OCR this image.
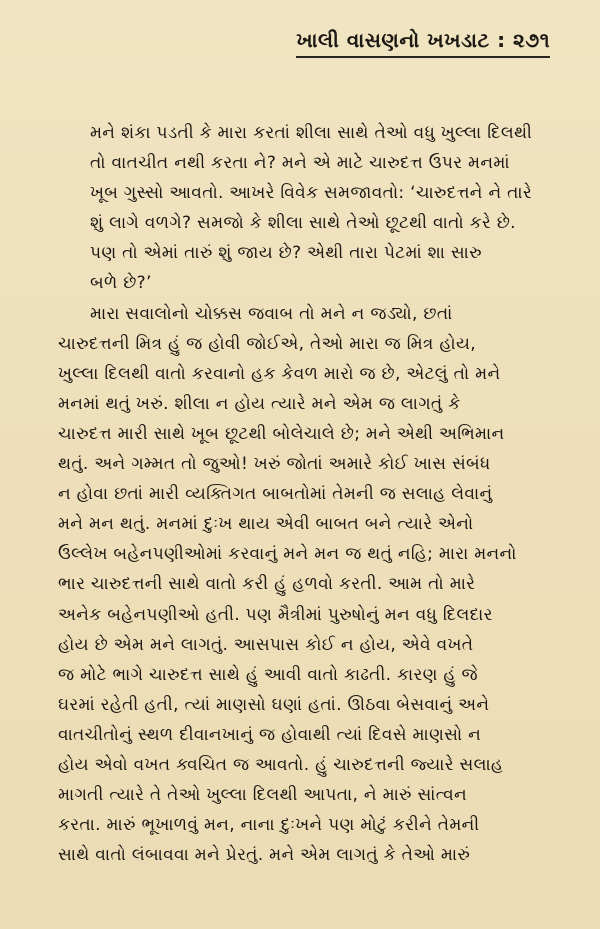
ખાલી વાસણનો ખખડાટ : ૨૭૧

મને શંકા પડતી કે મારા કરતાં શીલા સાથે તેઓ વધુ ખુલ્લા દિલથી
તો વાતચીત નથી કરતા ને? મને એ માટે ચારુદત્ત ઉપર મનમાં
ખૂબ ગુસ્સો આવતો. આખરે વિવેક સમજાવતો: ‘ચારુદત્તને ને તારે
શું લાગે વળગે? સમજો કે શીલા સાથે તેઓ છૂટથી વાતો કરે છે.
પણ તો એમાં તારું શું જાય છે? એથી તારા પેટમાં શા સારુ
બળે છે?’

મારા સવાલોનો ચોક્કસ જવાબ તો મને ન જડ્યો, છતાં
ચારુદત્તની મિત્ર હું જ હોવી જોઈએ, તેઓ મારા જ મિત્ર હોય,
ખુલ્લા દિલથી વાતો કરવાનો હક કેવળ મારો જ છે, એટલું તો મને
મનમાં થતું ખરું. શીલા ન હોય ત્યારે મને એમ જ લાગતું કે
ચારુદત્ત મારી સાથે ખૂબ છૂટથી બોલેચાલે છે; મને એથી અભિમાન
થતું. અને ગમ્મત તો જુઓ! ખરું જોતાં અમારે કોઈ ખાસ સંબંધ
ન હોવા છતાં મારી વ્યક્તિગત બાબતોમાં તેમની જ સલાહ લેવાનું
મને મન થતું. મનમાં દુઃખ થાય એવી બાબત બને ત્યારે એનો
ઉલ્લેખ બહેનપણીઓમાં કરવાનું મને મન જ થતું નહિ; મારા મનનો
ભાર ચારુદત્તની સાથે વાતો કરી હું હળવો કરતી. આમ તો મારે
અનેક બહેનપણીઓ હતી. પણ મૈત્રીમાં પુરુષોનું મન વધુ દિલદાર
હોય છે એમ મને લાગતું. આસપાસ કોઈ ન હોય, એવે વખતે
જ મોટે ભાગે ચારુદત્ત સાથે હું આવી વાતો કાઢતી. કારણ હું જે
ઘરમાં રહેતી હતી, ત્યાં માણસો ઘણાં હતાં. ઊઠવા બેસવાનું અને
વાતચીતોનું સ્થળ દીવાનખાનું જ હોવાથી ત્યાં દિવસે માણસો ન
હોય એવો વખત ક્વચિત જ આવતો. હું ચારુદત્તની જ્યારે સલાહ
માગતી ત્યારે તે તેઓ ખુલ્લા દિલથી આપતા, ને મારું સાંત્વન
કરતા. મારું ભૂખાળવું મન, નાના દુઃખને પણ મોટું કરીને તેમની
સાથે વાતો લંબાવવા મને પ્રેરતું. મને એમ લાગતું કે તેઓ મારું
